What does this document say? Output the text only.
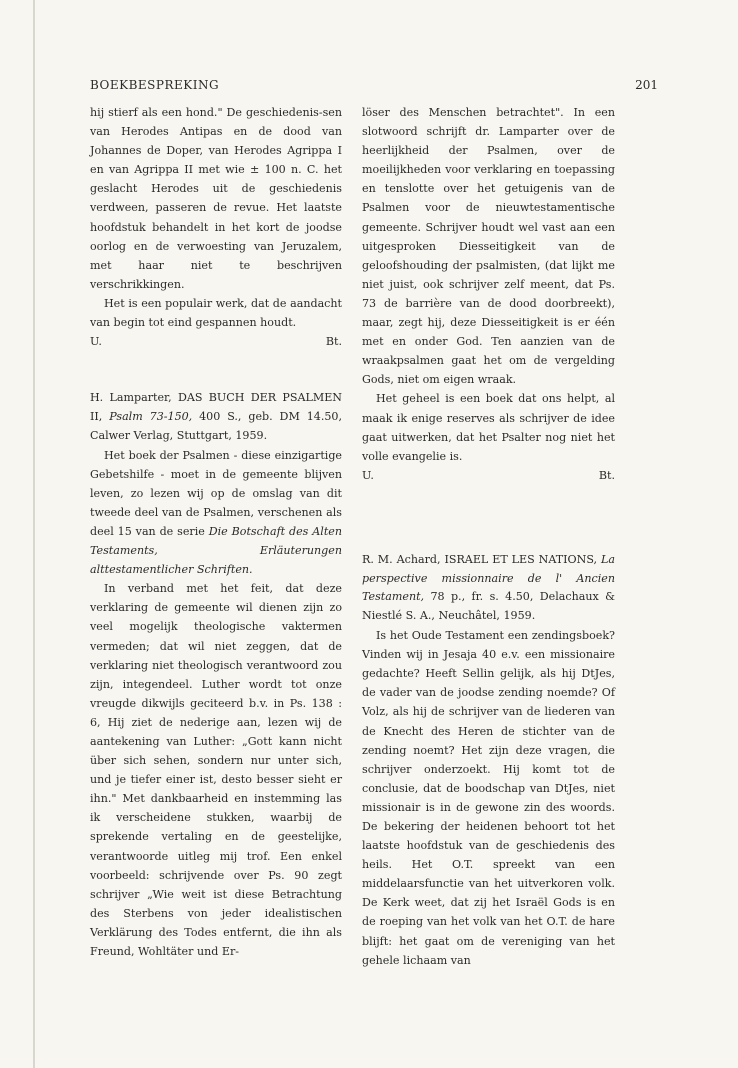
BOEKBESPREKING	201

hij stierf als een hond." De geschiedenis-sen van Herodes Antipas en de dood van Johannes de Doper, van Herodes Agrippa I en van Agrippa II met wie ± 100 n. C. het geslacht Herodes uit de geschiedenis verdween, passeren de revue. Het laatste hoofdstuk behandelt in het kort de joodse oorlog en de verwoesting van Jeruzalem, met haar niet te beschrijven verschrikkingen.

Het is een populair werk, dat de aandacht van begin tot eind gespannen houdt.

U.	Bt.

H. Lamparter, DAS BUCH DER PSALMEN II, Psalm 73-150, 400 S., geb. DM 14.50, Calwer Verlag, Stuttgart, 1959.

Het boek der Psalmen - diese einzigartige Gebetshilfe - moet in de gemeente blijven leven, zo lezen wij op de omslag van dit tweede deel van de Psalmen, verschenen als deel 15 van de serie Die Botschaft des Alten Testaments, Erläuterungen alttestamentlicher Schriften.

In verband met het feit, dat deze verklaring de gemeente wil dienen zijn zo veel mogelijk theologische vaktermen vermeden; dat wil niet zeggen, dat de verklaring niet theologisch verantwoord zou zijn, integendeel. Luther wordt tot onze vreugde dikwijls geciteerd b.v. in Ps. 138 : 6, Hij ziet de nederige aan, lezen wij de aantekening van Luther: „Gott kann nicht über sich sehen, sondern nur unter sich, und je tiefer einer ist, desto besser sieht er ihn." Met dankbaarheid en instemming las ik verscheidene stukken, waarbij de sprekende vertaling en de geestelijke, verantwoorde uitleg mij trof. Een enkel voorbeeld: schrijvende over Ps. 90 zegt schrijver „Wie weit ist diese Betrachtung des Sterbens von jeder idealistischen Verklärung des Todes entfernt, die ihn als Freund, Wohltäter und Er-

löser des Menschen betrachtet". In een slotwoord schrijft dr. Lamparter over de heerlijkheid der Psalmen, over de moeilijkheden voor verklaring en toepassing en tenslotte over het getuigenis van de Psalmen voor de nieuwtestamentische gemeente. Schrijver houdt wel vast aan een uitgesproken Diesseitigkeit van de geloofshouding der psalmisten, (dat lijkt me niet juist, ook schrijver zelf meent, dat Ps. 73 de barrière van de dood doorbreekt), maar, zegt hij, deze Diesseitigkeit is er één met en onder God. Ten aanzien van de wraakpsalmen gaat het om de vergelding Gods, niet om eigen wraak.

Het geheel is een boek dat ons helpt, al maak ik enige reserves als schrijver de idee gaat uitwerken, dat het Psalter nog niet het volle evangelie is.

U.	Bt.

R. M. Achard, ISRAEL ET LES NATIONS, La perspective missionnaire de l' Ancien Testament, 78 p., fr. s. 4.50, Delachaux & Niestlé S. A., Neuchâtel, 1959.

Is het Oude Testament een zendingsboek? Vinden wij in Jesaja 40 e.v. een missionaire gedachte? Heeft Sellin gelijk, als hij DtJes, de vader van de joodse zending noemde? Of Volz, als hij de schrijver van de liederen van de Knecht des Heren de stichter van de zending noemt? Het zijn deze vragen, die schrijver onderzoekt. Hij komt tot de conclusie, dat de boodschap van DtJes, niet missionair is in de gewone zin des woords. De bekering der heidenen behoort tot het laatste hoofdstuk van de geschiedenis des heils. Het O.T. spreekt van een middelaarsfunctie van het uitverkoren volk. De Kerk weet, dat zij het Israël Gods is en de roeping van het volk van het O.T. de hare blijft: het gaat om de vereniging van het gehele lichaam van
